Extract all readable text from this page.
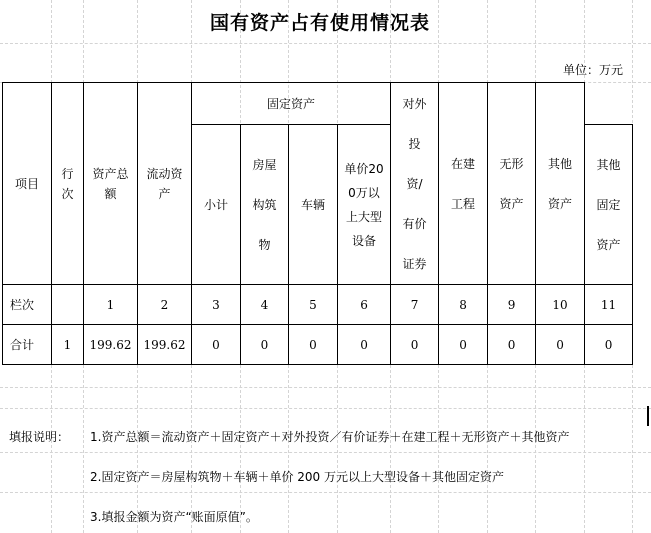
国有资产占有使用情况表
单位：万元
项目	行次	资产总额	流动资产	固定资产				对外投资/有价证券	在建工程	无形资产	其他资产	

				小计	房屋构筑物	车辆	单价200万以上大型设备					其他固定资产

栏次		1	2	3	4	5	6	7	8	9	10	11
合计	1	199.62	199.62	0	0	0	0	0	0	0	0	0
填报说明： 1.资产总额＝流动资产＋固定资产＋对外投资／有价证券＋在建工程＋无形资产＋其他资产
2.固定资产＝房屋构筑物＋车辆＋单价 200 万元以上大型设备＋其他固定资产
3.填报金额为资产“账面原值”。
